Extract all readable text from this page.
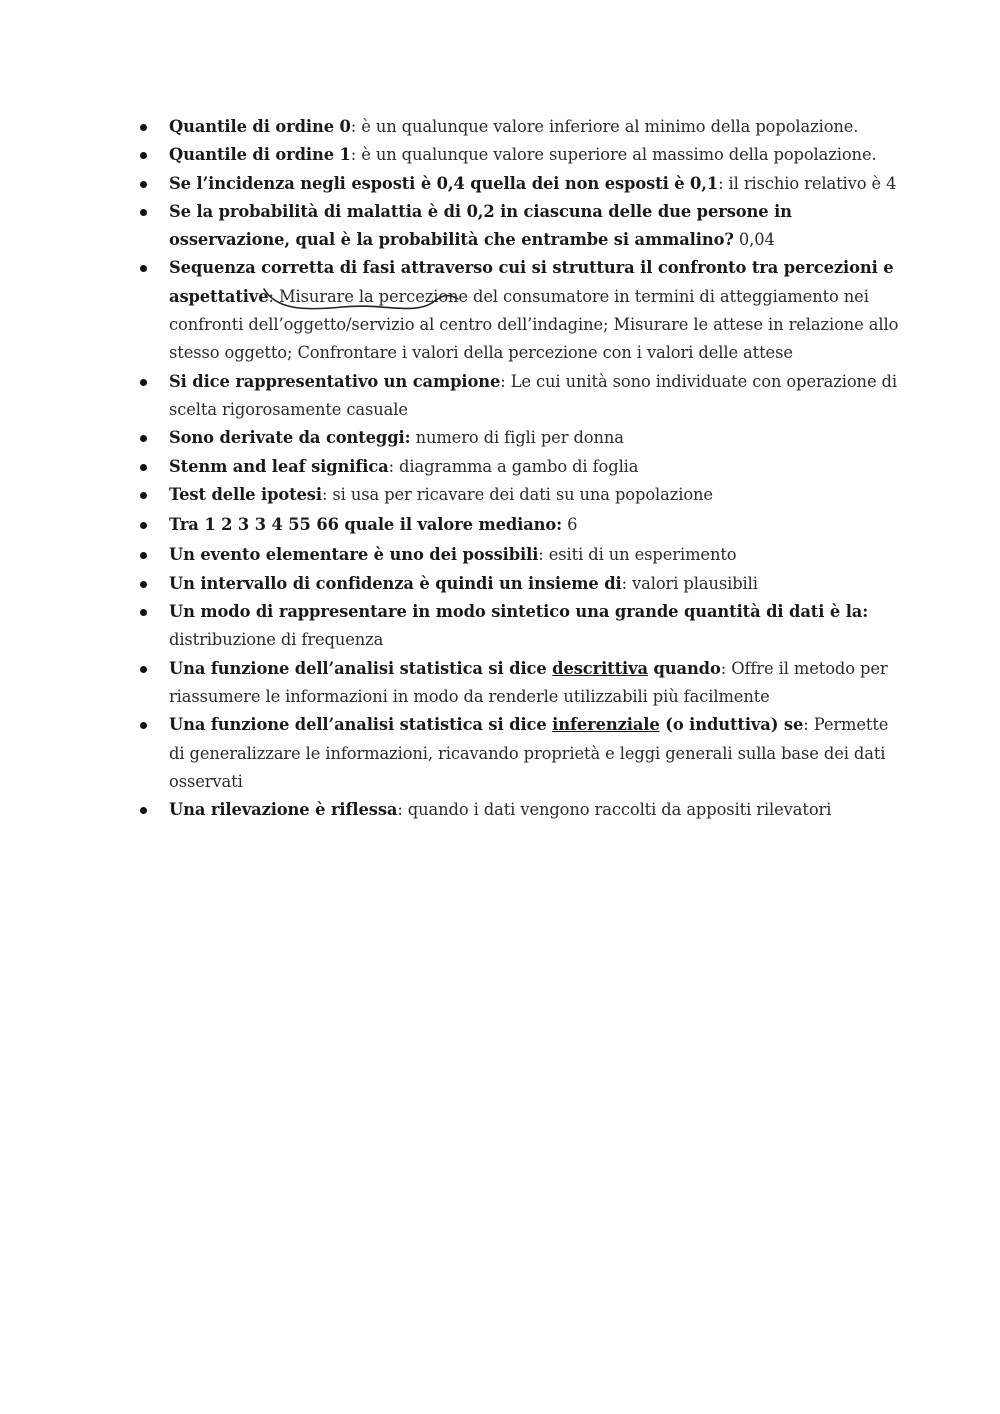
Quantile di ordine 0: è un qualunque valore inferiore al minimo della popolazione.
Quantile di ordine 1: è un qualunque valore superiore al massimo della popolazione.
Se l’incidenza negli esposti è 0,4 quella dei non esposti è 0,1: il rischio relativo è 4
Se la probabilità di malattia è di 0,2 in ciascuna delle due persone in osservazione, qual è la probabilità che entrambe si ammalino? 0,04
Sequenza corretta di fasi attraverso cui si struttura il confronto tra percezioni e aspettative: Misurare la percezione del consumatore in termini di atteggiamento nei confronti dell’oggetto/servizio al centro dell’indagine; Misurare le attese in relazione allo stesso oggetto; Confrontare i valori della percezione con i valori delle attese
Si dice rappresentativo un campione: Le cui unità sono individuate con operazione di scelta rigorosamente casuale
Sono derivate da conteggi: numero di figli per donna
Stenm and leaf significa: diagramma a gambo di foglia
Test delle ipotesi: si usa per ricavare dei dati su una popolazione
Tra 1 2 3 3 4 55 66 quale il valore mediano: 6
Un evento elementare è uno dei possibili: esiti di un esperimento
Un intervallo di confidenza è quindi un insieme di: valori plausibili
Un modo di rappresentare in modo sintetico una grande quantità di dati è la: distribuzione di frequenza
Una funzione dell’analisi statistica si dice descrittiva quando: Offre il metodo per riassumere le informazioni in modo da renderle utilizzabili più facilmente
Una funzione dell’analisi statistica si dice inferenziale (o induttiva) se: Permette di generalizzare le informazioni, ricavando proprietà e leggi generali sulla base dei dati osservati
Una rilevazione è riflessa: quando i dati vengono raccolti da appositi rilevatori
